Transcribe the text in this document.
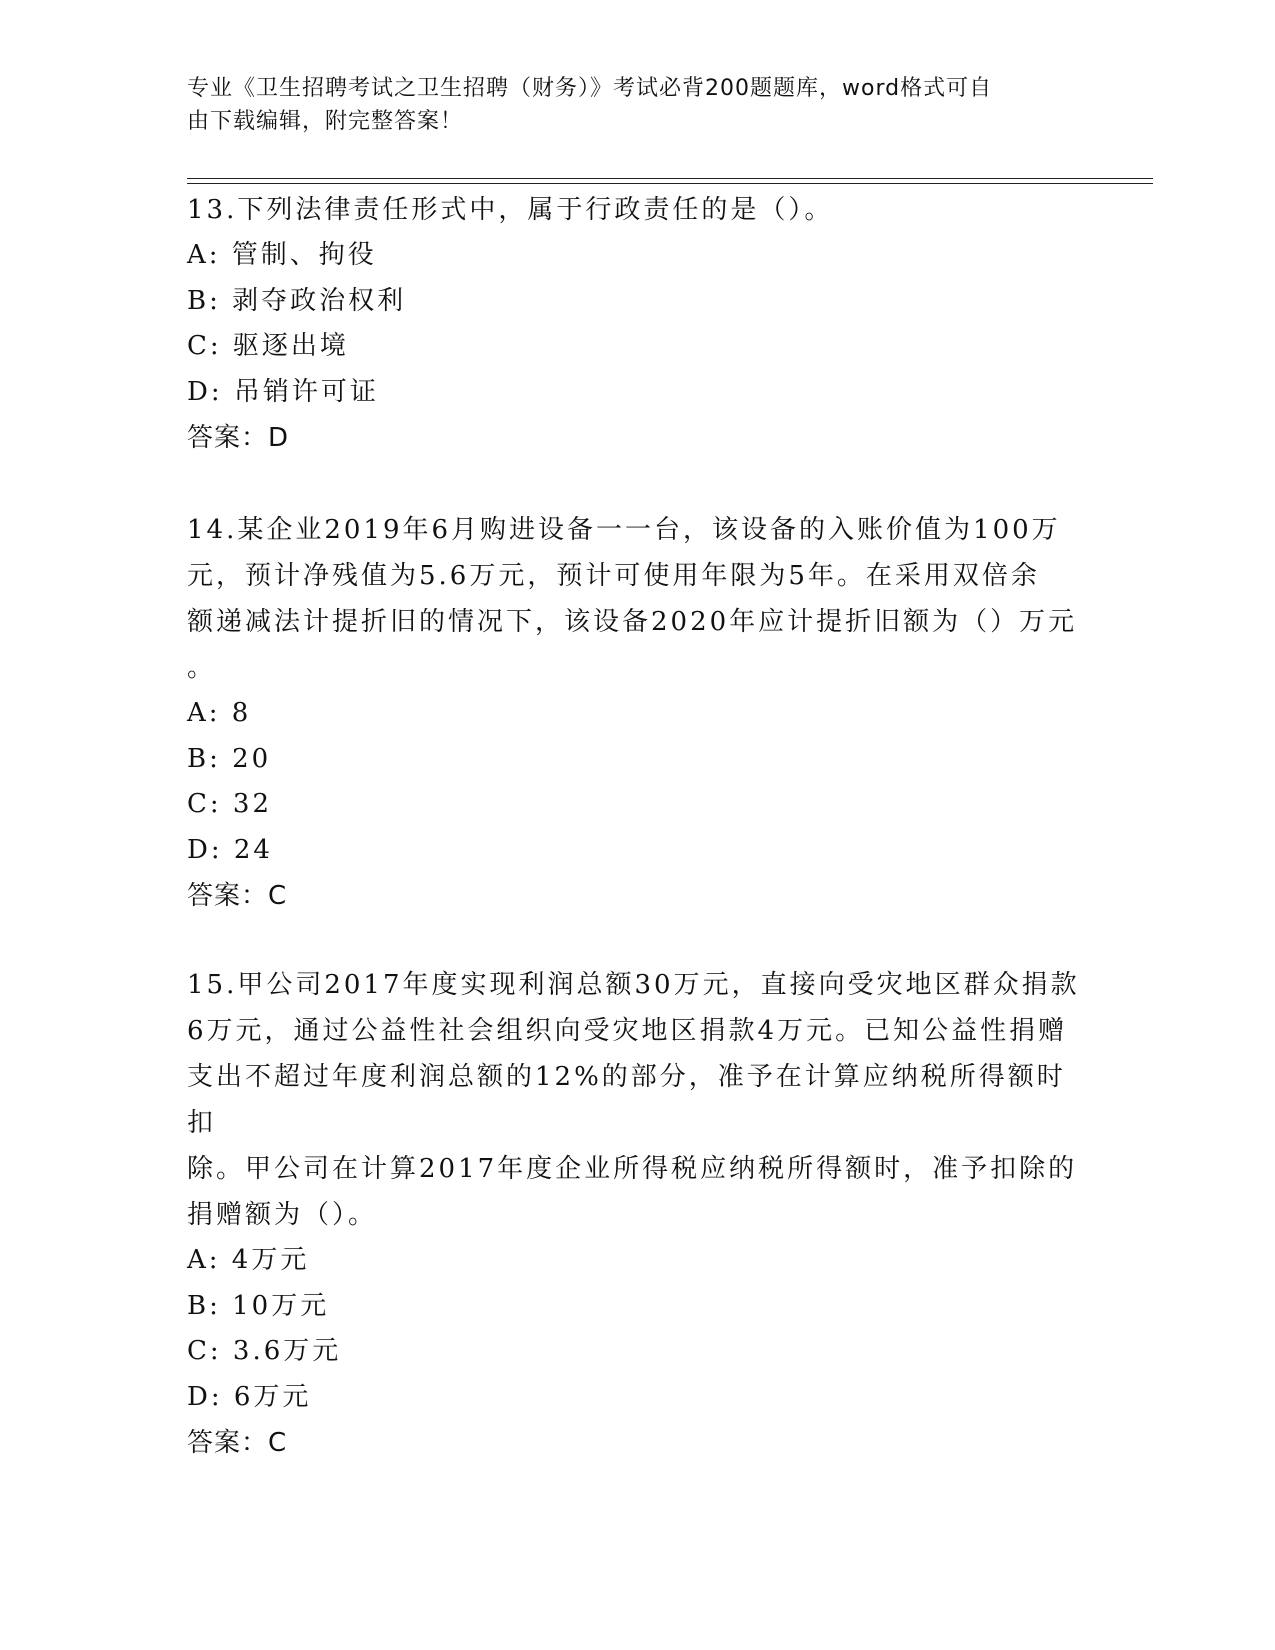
专业《卫生招聘考试之卫生招聘（财务）》考试必背200题题库，word格式可自
由下载编辑，附完整答案！

13.下列法律责任形式中，属于行政责任的是（）。

A: 管制、拘役

B: 剥夺政治权利

C: 驱逐出境

D: 吊销许可证

答案：D

14.某企业2019年6月购进设备一一台，该设备的入账价值为100万

元，预计净残值为5.6万元，预计可使用年限为5年。在采用双倍余

额递减法计提折旧的情况下，该设备2020年应计提折旧额为（）万元

。

A: 8

B: 20

C: 32

D: 24

答案：C

15.甲公司2017年度实现利润总额30万元，直接向受灾地区群众捐款

6万元，通过公益性社会组织向受灾地区捐款4万元。已知公益性捐赠

支出不超过年度利润总额的12%的部分，准予在计算应纳税所得额时扣

除。甲公司在计算2017年度企业所得税应纳税所得额时，准予扣除的

捐赠额为（）。

A: 4万元

B: 10万元

C: 3.6万元

D: 6万元

答案：C
